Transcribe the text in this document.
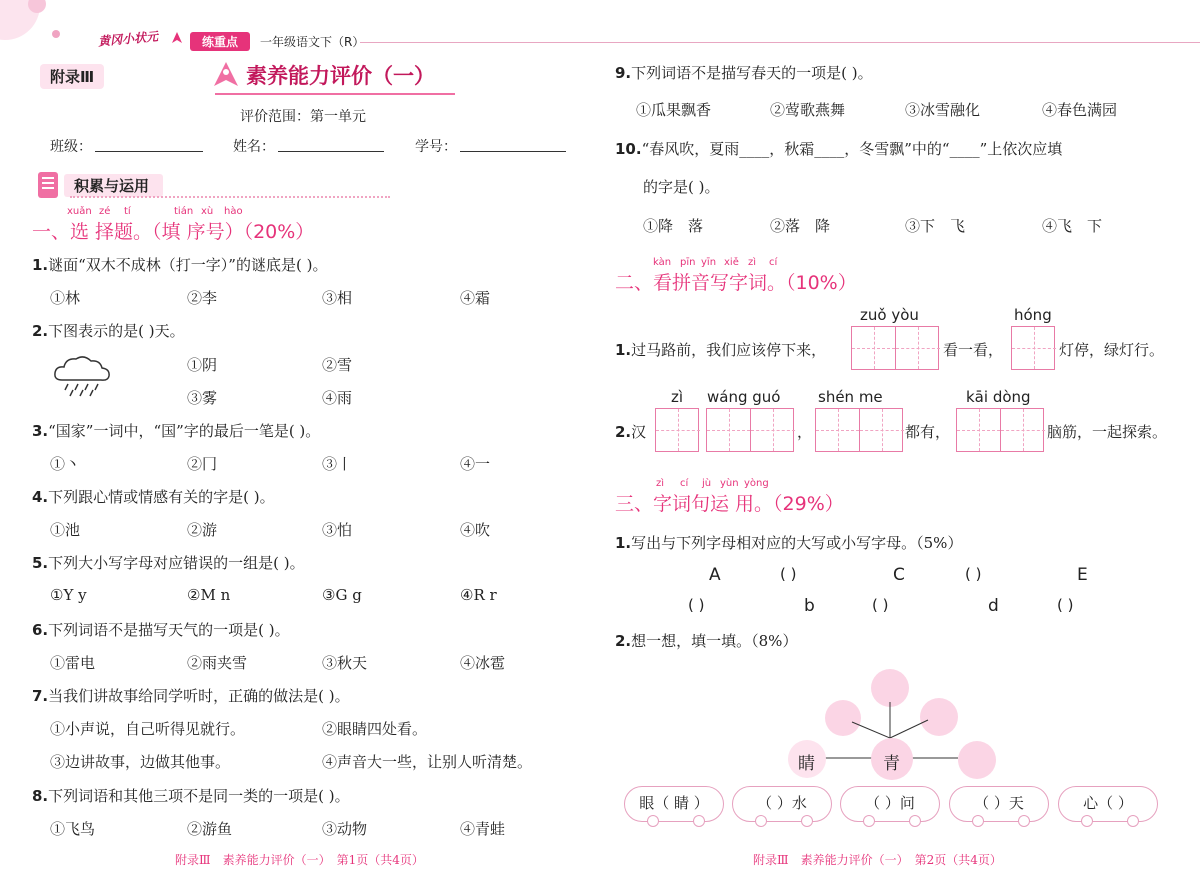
黄冈小状元	练重点	一年级语文下（R）
附录Ⅲ	素养能力评价（一）
评价范围：第一单元
班级：	姓名：	学号：
积累与运用
xuǎn zé tí	tián xù hào
一、选 择题。（填 序号）（20%）
1.谜面“双木不成林（打一字）”的谜底是( )。
①林	②李	③相	④霜
2.下图表示的是( )天。
①阴	②雪
③雾	④雨
3.“国家”一词中，“国”字的最后一笔是( )。
①丶	②冂	③丨	④一
4.下列跟心情或情感有关的字是( )。
①池	②游	③怕	④吹
5.下列大小写字母对应错误的一组是( )。
①Y y	②M n	③G g	④R r
6.下列词语不是描写天气的一项是( )。
①雷电	②雨夹雪	③秋天	④冰雹
7.当我们讲故事给同学听时，正确的做法是( )。
①小声说，自己听得见就行。	②眼睛四处看。
③边讲故事，边做其他事。	④声音大一些，让别人听清楚。
8.下列词语和其他三项不是同一类的一项是( )。
①飞鸟	②游鱼	③动物	④青蛙
附录Ⅲ　素养能力评价（一）　第1页（共4页）
9.下列词语不是描写春天的一项是( )。
①瓜果飘香	②莺歌燕舞	③冰雪融化	④春色满园
10.“春风吹，夏雨____，秋霜____，冬雪飘”中的“____”上依次应填
的字是( )。
①降　落	②落　降	③下　飞	④飞　下
kàn pīn yīn xiě zì cí
二、看拼音写字词。（10%）
zuǒ yòu	hóng
1.过马路前，我们应该停下来，	看一看，	灯停，绿灯行。
zì wáng guó	shén me	kāi dòng
2.汉	，	都有，	脑筋，一起探索。
zì cí jù yùn yòng
三、字词句运 用。（29%）
1.写出与下列字母相对应的大写或小写字母。（5%）
A	( )	C	( )	E
( )	b	( )	d	( )
2.想一想，填一填。（8%）
青
睛
眼（ 睛 ）	（ ）水	（ ）问	（ ）天	心（ ）
附录Ⅲ　素养能力评价（一）　第2页（共4页）
